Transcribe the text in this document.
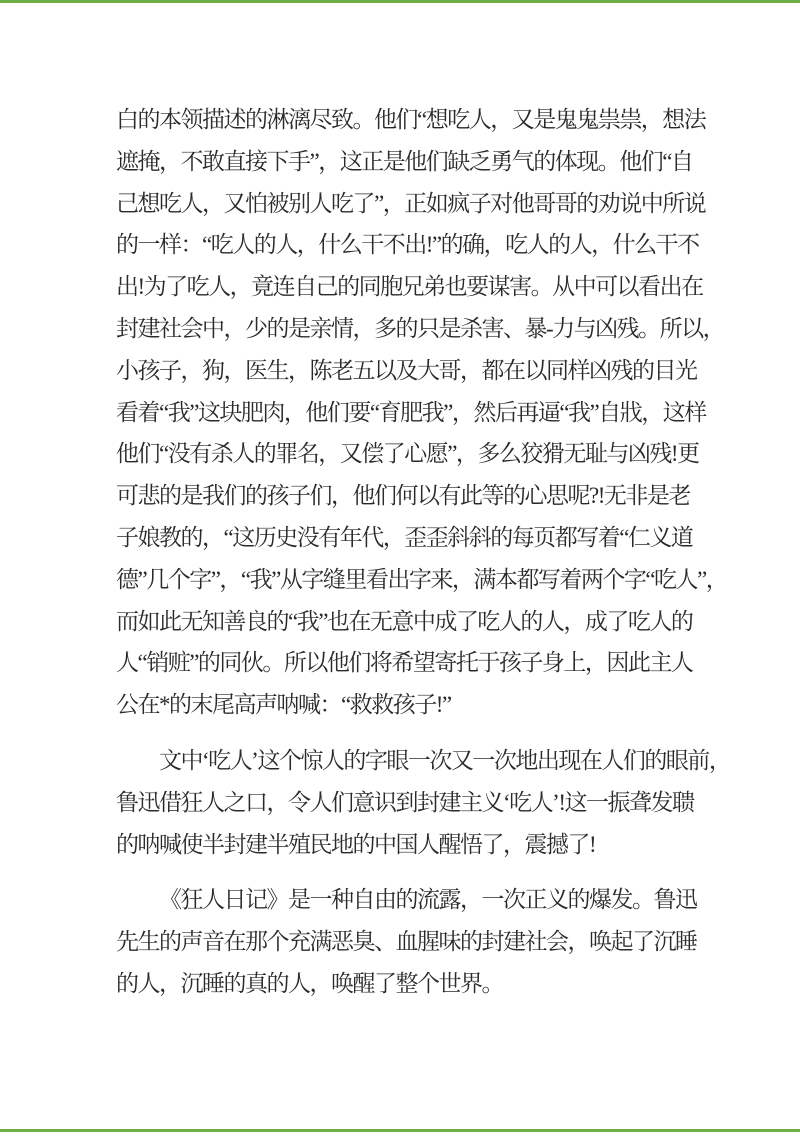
白的本领描述的淋漓尽致。他们“想吃人，又是鬼鬼祟祟，想法
遮掩，不敢直接下手”，这正是他们缺乏勇气的体现。他们“自
己想吃人，又怕被别人吃了”，正如疯子对他哥哥的劝说中所说
的一样：“吃人的人，什么干不出!”的确，吃人的人，什么干不
出!为了吃人，竟连自己的同胞兄弟也要谋害。从中可以看出在
封建社会中，少的是亲情，多的只是杀害、暴-力与凶残。所以，
小孩子，狗，医生，陈老五以及大哥，都在以同样凶残的目光
看着“我”这块肥肉，他们要“育肥我”，然后再逼“我”自戕，这样
他们“没有杀人的罪名，又偿了心愿”，多么狡猾无耻与凶残!更
可悲的是我们的孩子们，他们何以有此等的心思呢?!无非是老
子娘教的，“这历史没有年代，歪歪斜斜的每页都写着“仁义道
德”几个字”，“我”从字缝里看出字来，满本都写着两个字“吃人”，
而如此无知善良的“我”也在无意中成了吃人的人，成了吃人的
人“销赃”的同伙。所以他们将希望寄托于孩子身上，因此主人
公在*的末尾高声呐喊：“救救孩子!”
文中‘吃人’这个惊人的字眼一次又一次地出现在人们的眼前，
鲁迅借狂人之口，令人们意识到封建主义‘吃人’!这一振聋发聩
的呐喊使半封建半殖民地的中国人醒悟了，震撼了!
《狂人日记》是一种自由的流露，一次正义的爆发。鲁迅
先生的声音在那个充满恶臭、血腥味的封建社会，唤起了沉睡
的人，沉睡的真的人，唤醒了整个世界。
